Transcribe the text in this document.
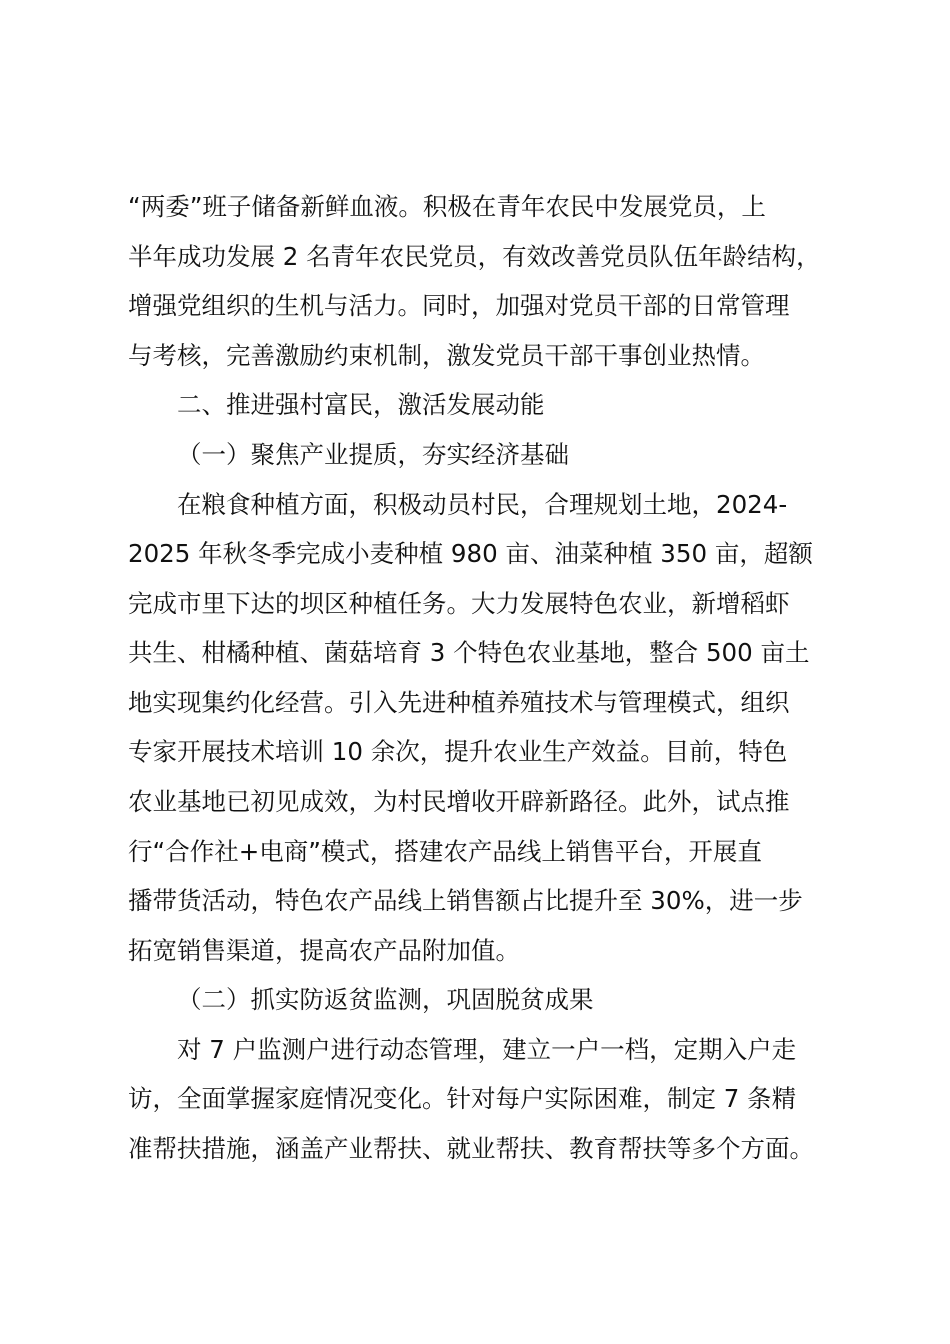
“两委”班子储备新鲜血液。积极在青年农民中发展党员，上
半年成功发展 2 名青年农民党员，有效改善党员队伍年龄结构，
增强党组织的生机与活力。同时，加强对党员干部的日常管理
与考核，完善激励约束机制，激发党员干部干事创业热情。
二、推进强村富民，激活发展动能
（一）聚焦产业提质，夯实经济基础
在粮食种植方面，积极动员村民，合理规划土地，2024-
2025 年秋冬季完成小麦种植 980 亩、油菜种植 350 亩，超额
完成市里下达的坝区种植任务。大力发展特色农业，新增稻虾
共生、柑橘种植、菌菇培育 3 个特色农业基地，整合 500 亩土
地实现集约化经营。引入先进种植养殖技术与管理模式，组织
专家开展技术培训 10 余次，提升农业生产效益。目前，特色
农业基地已初见成效，为村民增收开辟新路径。此外，试点推
行“合作社+电商”模式，搭建农产品线上销售平台，开展直
播带货活动，特色农产品线上销售额占比提升至 30%，进一步
拓宽销售渠道，提高农产品附加值。
（二）抓实防返贫监测，巩固脱贫成果
对 7 户监测户进行动态管理，建立一户一档，定期入户走
访，全面掌握家庭情况变化。针对每户实际困难，制定 7 条精
准帮扶措施，涵盖产业帮扶、就业帮扶、教育帮扶等多个方面。
